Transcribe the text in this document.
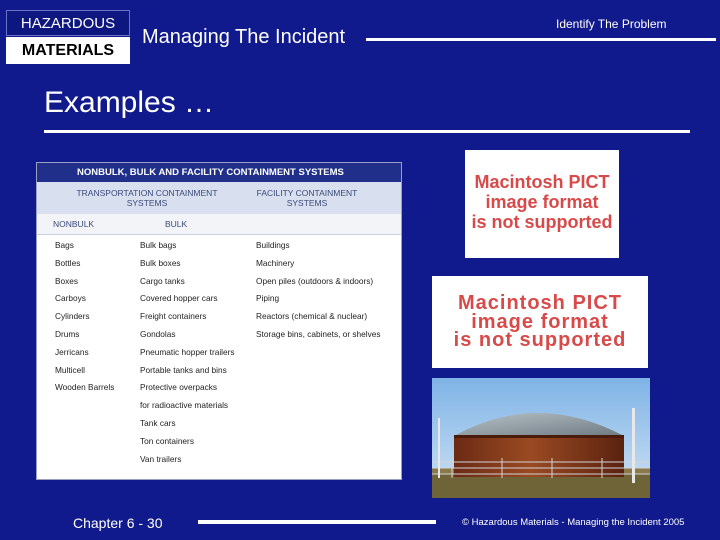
HAZARDOUS
MATERIALS
Managing The Incident
Identify The Problem
Examples …
NONBULK, BULK AND FACILITY CONTAINMENT SYSTEMS
TRANSPORTATION CONTAINMENT
SYSTEMS
FACILITY CONTAINMENT
SYSTEMS
NONBULK	BULK
Bags
Bottles
Boxes
Carboys
Cylinders
Drums
Jerricans
Multicell
Wooden Barrels
Bulk bags
Bulk boxes
Cargo tanks
Covered hopper cars
Freight containers
Gondolas
Pneumatic hopper trailers
Portable tanks and bins
Protective overpacks
for radioactive materials
Tank cars
Ton containers
Van trailers
Buildings
Machinery
Open piles (outdoors & indoors)
Piping
Reactors (chemical & nuclear)
Storage bins, cabinets, or shelves
Macintosh PICT
image format
is not supported
Macintosh PICT
image format
is not supported
Chapter 6 - 30	© Hazardous Materials - Managing the Incident 2005
